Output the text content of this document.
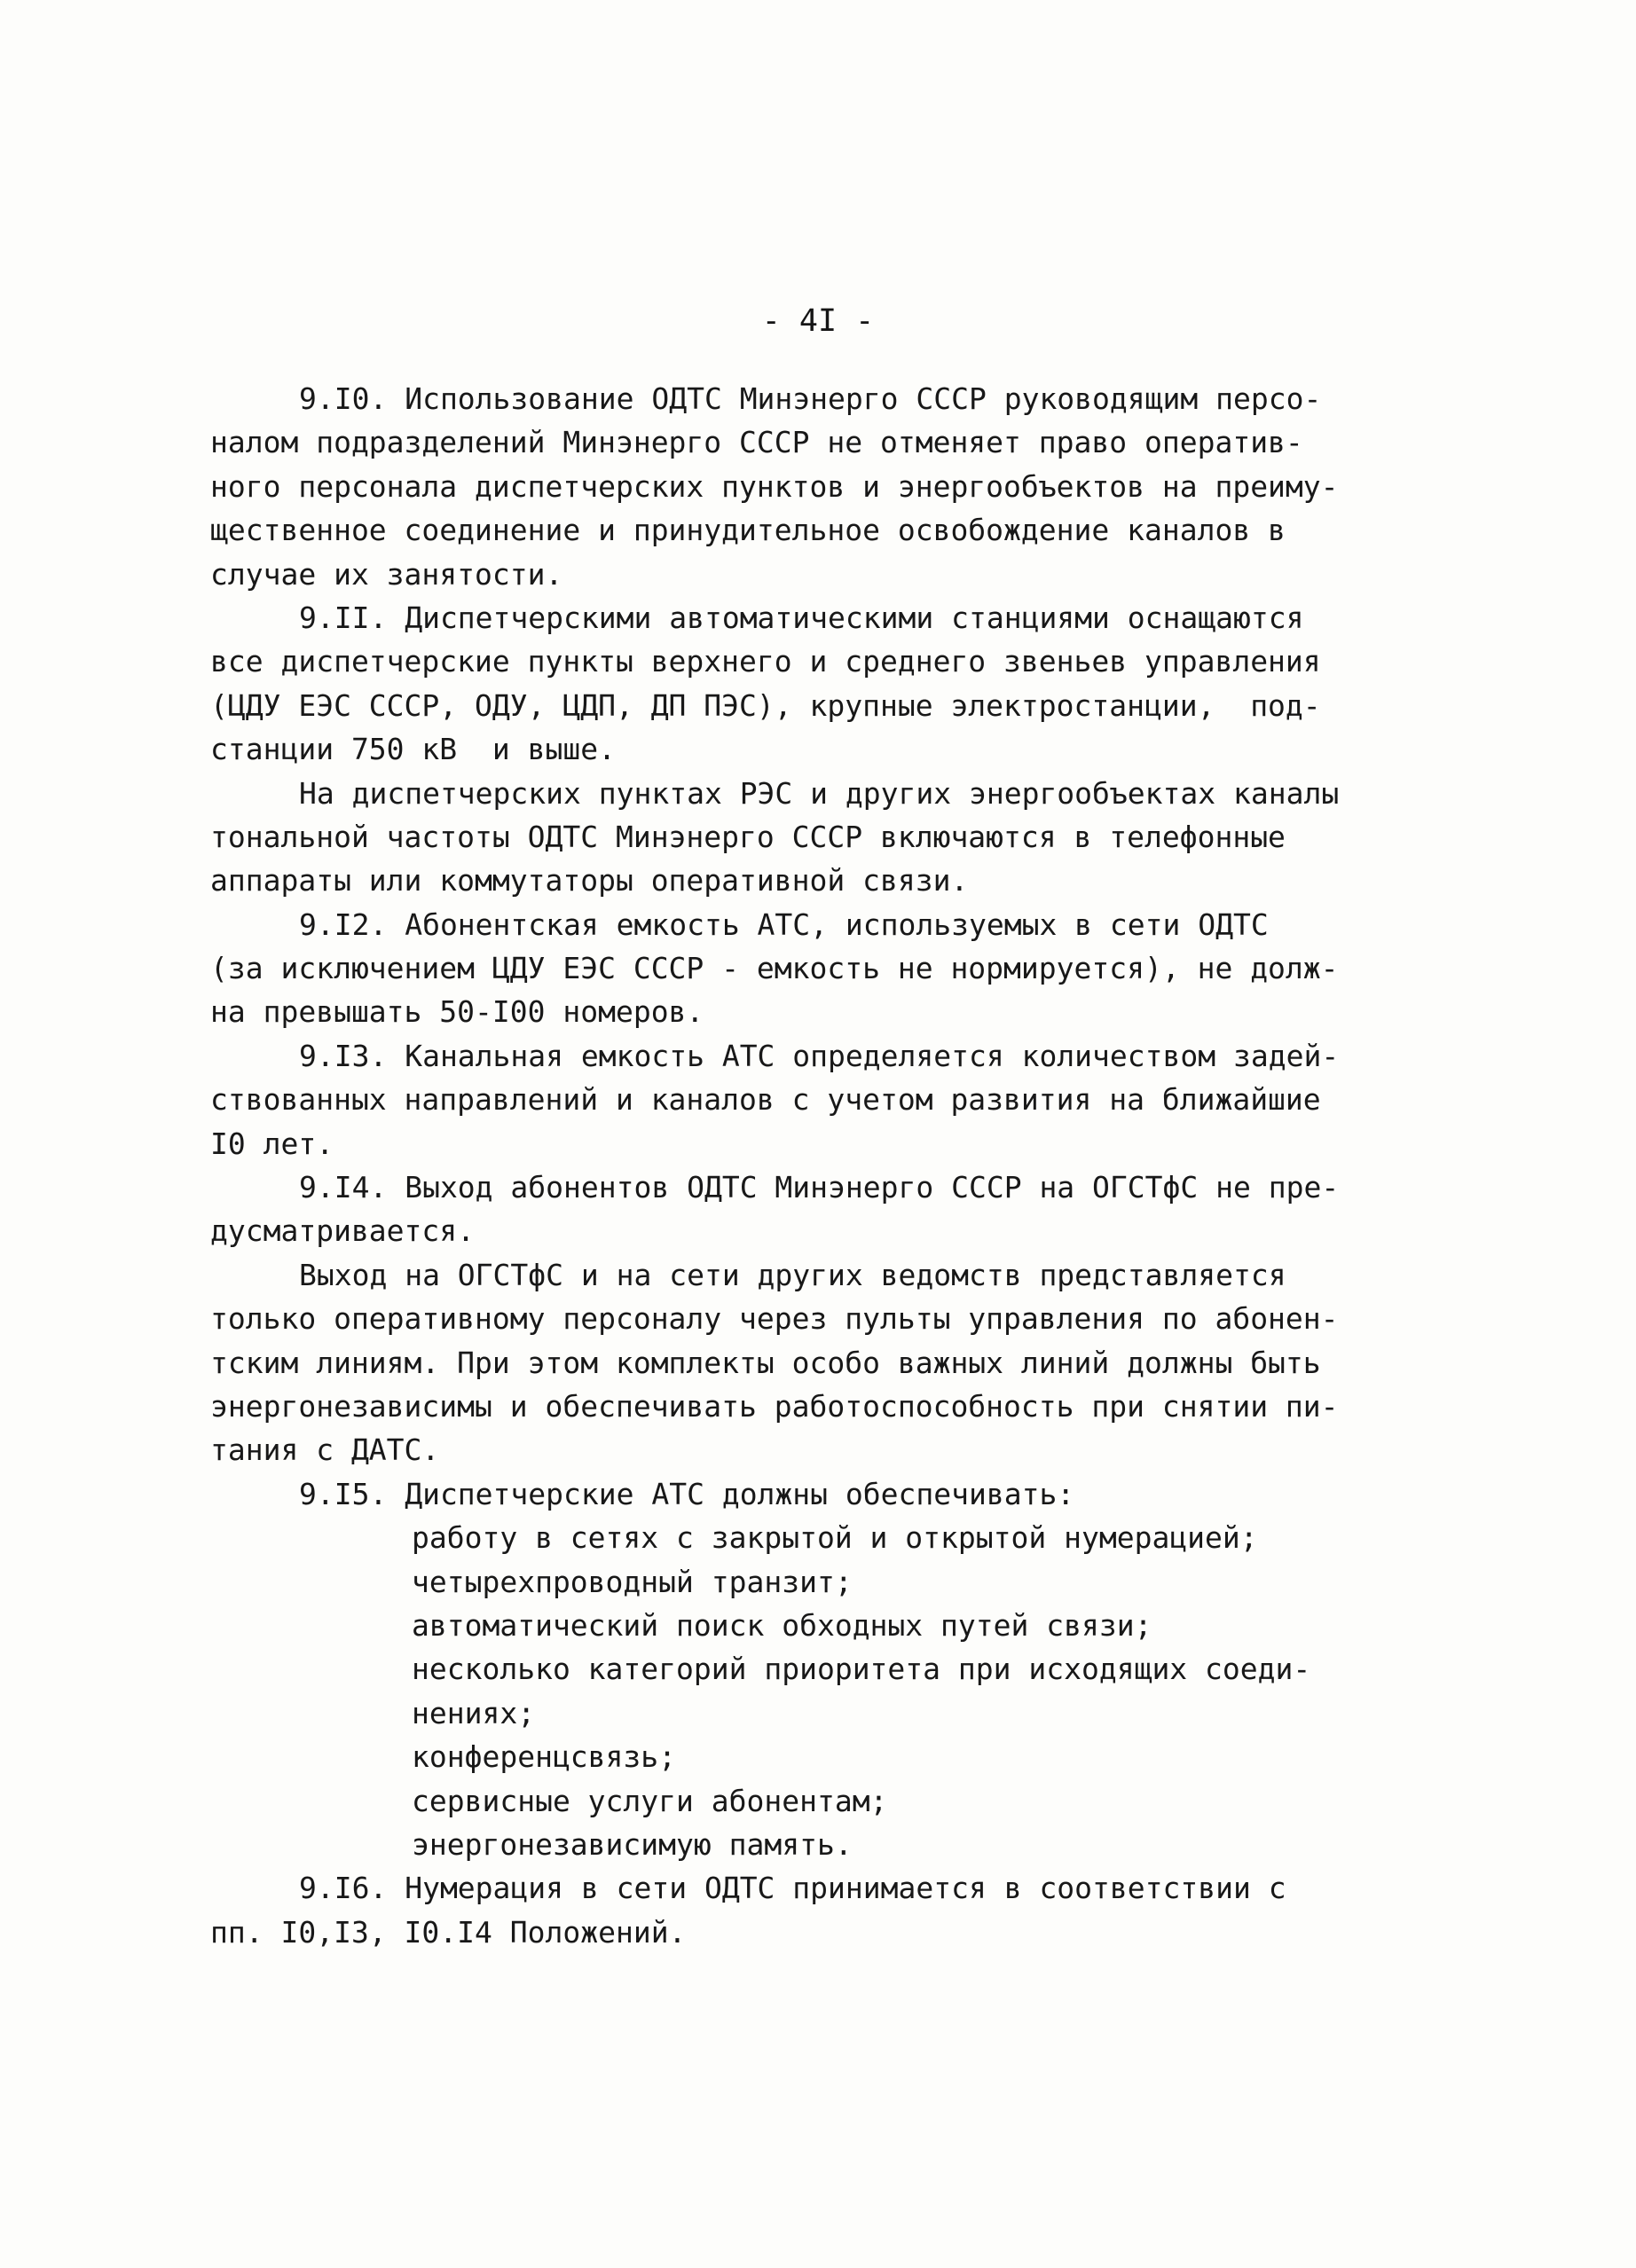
- 4I -
9.I0. Использование ОДТС Минэнерго СССР руководящим персо-
налом подразделений Минэнерго СССР не отменяет право оператив-
ного персонала диспетчерских пунктов и энергообъектов на преиму-
щественное соединение и принудительное освобождение каналов в
случае их занятости.
9.II. Диспетчерскими автоматическими станциями оснащаются
все диспетчерские пункты верхнего и среднего звеньев управления
(ЦДУ ЕЭС СССР, ОДУ, ЦДП, ДП ПЭС), крупные электростанции,  под-
станции 750 кВ  и выше.
На диспетчерских пунктах РЭС и других энергообъектах каналы
тональной частоты ОДТС Минэнерго СССР включаются в телефонные
аппараты или коммутаторы оперативной связи.
9.I2. Абонентская емкость АТС, используемых в сети ОДТС
(за исключением ЦДУ ЕЭС СССР - емкость не нормируется), не долж-
на превышать 50-I00 номеров.
9.I3. Канальная емкость АТС определяется количеством задей-
ствованных направлений и каналов с учетом развития на ближайшие
I0 лет.
9.I4. Выход абонентов ОДТС Минэнерго СССР на ОГСТфС не пре-
дусматривается.
Выход на ОГСТфС и на сети других ведомств представляется
только оперативному персоналу через пульты управления по абонен-
тским линиям. При этом комплекты особо важных линий должны быть
энергонезависимы и обеспечивать работоспособность при снятии пи-
тания с ДАТС.
9.I5. Диспетчерские АТС должны обеспечивать:
работу в сетях с закрытой и открытой нумерацией;
четырехпроводный транзит;
автоматический поиск обходных путей связи;
несколько категорий приоритета при исходящих соеди-
нениях;
конференцсвязь;
сервисные услуги абонентам;
энергонезависимую память.
9.I6. Нумерация в сети ОДТС принимается в соответствии с
пп. I0,I3, I0.I4 Положений.
